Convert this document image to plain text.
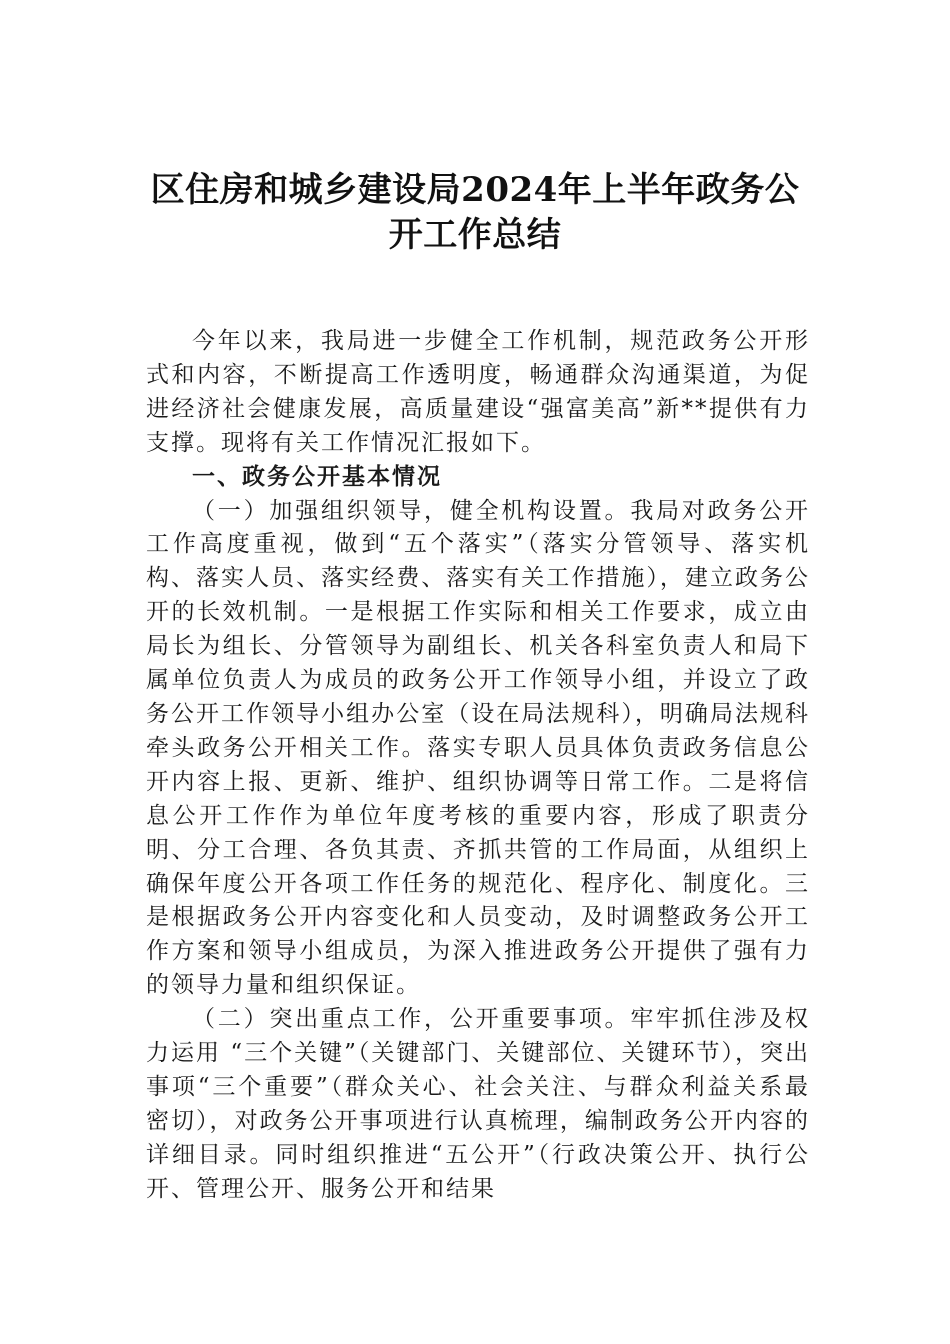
区住房和城乡建设局2024年上半年政务公
开工作总结

今年以来，我局进一步健全工作机制，规范政务公开形式和内容，不断提高工作透明度，畅通群众沟通渠道，为促进经济社会健康发展，高质量建设“强富美高”新**提供有力支撑。现将有关工作情况汇报如下。

一、政务公开基本情况

（一）加强组织领导，健全机构设置。我局对政务公开工作高度重视，做到“五个落实”（落实分管领导、落实机构、落实人员、落实经费、落实有关工作措施），建立政务公开的长效机制。一是根据工作实际和相关工作要求，成立由局长为组长、分管领导为副组长、机关各科室负责人和局下属单位负责人为成员的政务公开工作领导小组，并设立了政务公开工作领导小组办公室（设在局法规科），明确局法规科牵头政务公开相关工作。落实专职人员具体负责政务信息公开内容上报、更新、维护、组织协调等日常工作。二是将信息公开工作作为单位年度考核的重要内容，形成了职责分明、分工合理、各负其责、齐抓共管的工作局面，从组织上确保年度公开各项工作任务的规范化、程序化、制度化。三是根据政务公开内容变化和人员变动，及时调整政务公开工作方案和领导小组成员，为深入推进政务公开提供了强有力的领导力量和组织保证。

（二）突出重点工作，公开重要事项。牢牢抓住涉及权力运用 “三个关键”（关键部门、关键部位、关键环节），突出事项“三个重要”（群众关心、社会关注、与群众利益关系最密切），对政务公开事项进行认真梳理，编制政务公开内容的详细目录。同时组织推进“五公开”（行政决策公开、执行公开、管理公开、服务公开和结果
